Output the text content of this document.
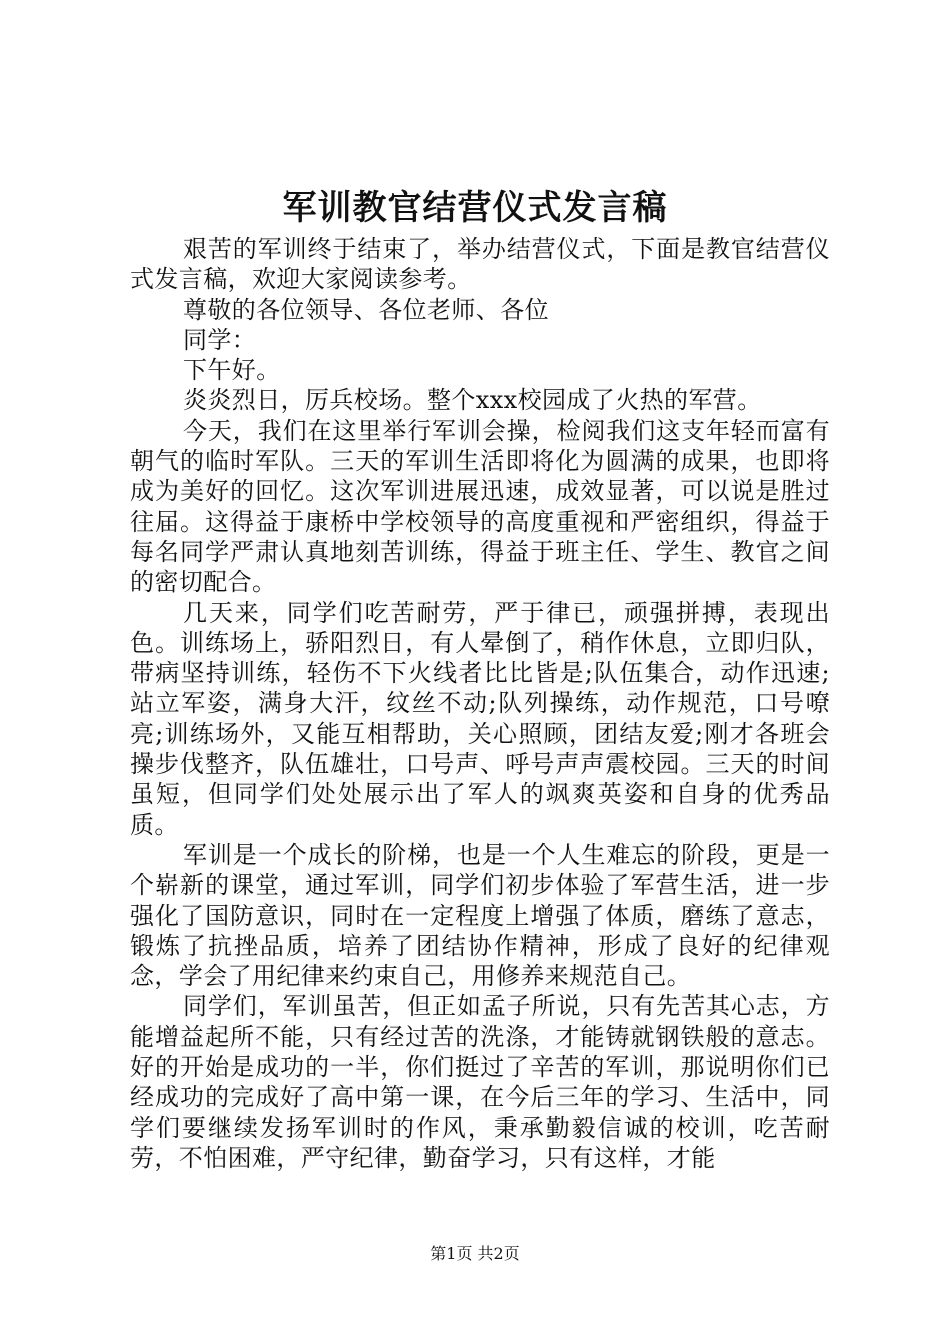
军训教官结营仪式发言稿

艰苦的军训终于结束了，举办结营仪式，下面是教官结营仪式发言稿，欢迎大家阅读参考。

尊敬的各位领导、各位老师、各位

同学：

下午好。

炎炎烈日，厉兵校场。整个xxx校园成了火热的军营。

今天，我们在这里举行军训会操，检阅我们这支年轻而富有朝气的临时军队。三天的军训生活即将化为圆满的成果，也即将成为美好的回忆。这次军训进展迅速，成效显著，可以说是胜过往届。这得益于康桥中学校领导的高度重视和严密组织，得益于每名同学严肃认真地刻苦训练，得益于班主任、学生、教官之间的密切配合。

几天来，同学们吃苦耐劳，严于律已，顽强拼搏，表现出色。训练场上，骄阳烈日，有人晕倒了，稍作休息，立即归队，带病坚持训练，轻伤不下火线者比比皆是;队伍集合，动作迅速;站立军姿，满身大汗，纹丝不动;队列操练，动作规范，口号嘹亮;训练场外，又能互相帮助，关心照顾，团结友爱;刚才各班会操步伐整齐，队伍雄壮，口号声、呼号声声震校园。三天的时间虽短，但同学们处处展示出了军人的飒爽英姿和自身的优秀品质。

军训是一个成长的阶梯，也是一个人生难忘的阶段，更是一个崭新的课堂，通过军训，同学们初步体验了军营生活，进一步强化了国防意识，同时在一定程度上增强了体质，磨练了意志，锻炼了抗挫品质，培养了团结协作精神，形成了良好的纪律观念，学会了用纪律来约束自己，用修养来规范自己。

同学们，军训虽苦，但正如孟子所说，只有先苦其心志，方能增益起所不能，只有经过苦的洗涤，才能铸就钢铁般的意志。好的开始是成功的一半，你们挺过了辛苦的军训，那说明你们已经成功的完成好了高中第一课，在今后三年的学习、生活中，同学们要继续发扬军训时的作风，秉承勤毅信诚的校训，吃苦耐劳，不怕困难，严守纪律，勤奋学习，只有这样，才能

第1页 共2页
